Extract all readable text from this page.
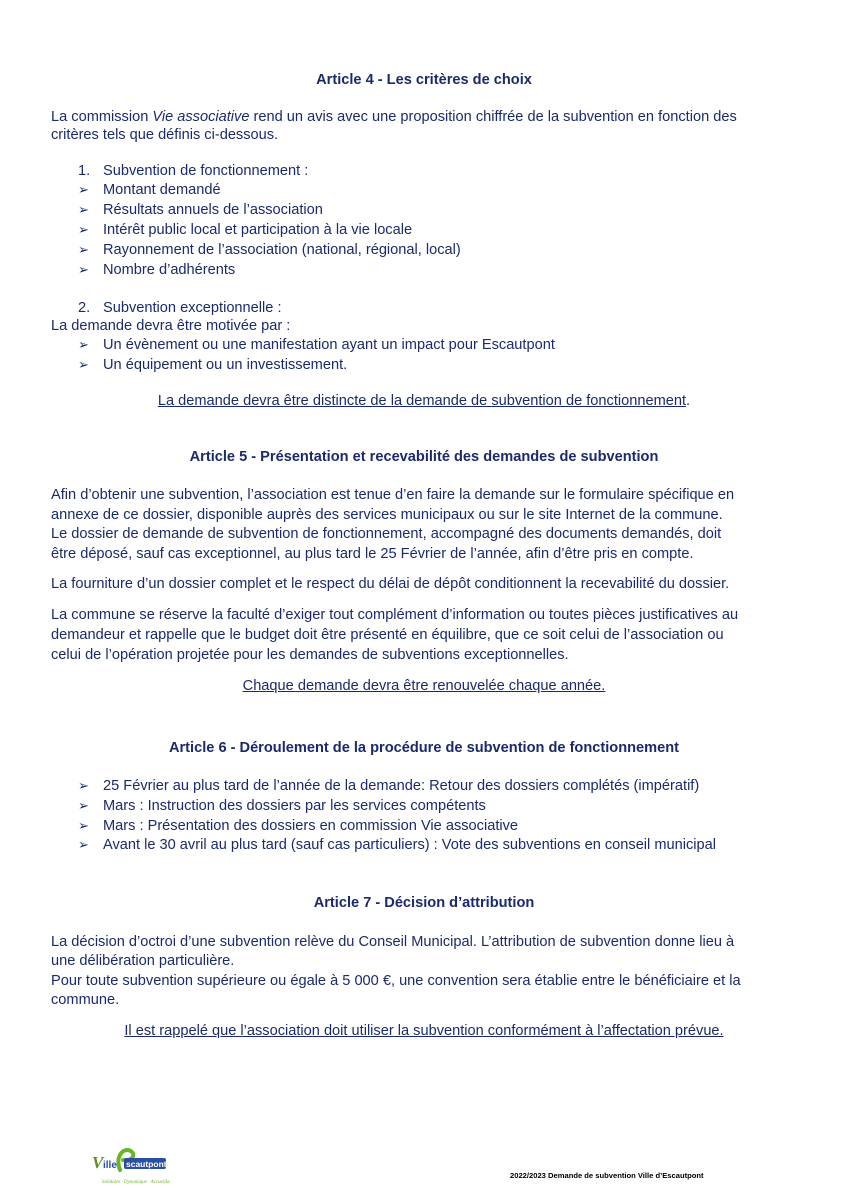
Article 4 - Les critères de choix
La commission Vie associative rend un avis avec une proposition chiffrée de la subvention en fonction des
critères tels que définis ci-dessous.
1. Subvention de fonctionnement :
➢ Montant demandé
➢ Résultats annuels de l’association
➢ Intérêt public local et participation à la vie locale
➢ Rayonnement de l’association (national, régional, local)
➢ Nombre d’adhérents
2. Subvention exceptionnelle :
La demande devra être motivée par :
➢ Un évènement ou une manifestation ayant un impact pour Escautpont
➢ Un équipement ou un investissement.
La demande devra être distincte de la demande de subvention de fonctionnement.
Article 5 - Présentation et recevabilité des demandes de subvention
Afin d’obtenir une subvention, l’association est tenue d’en faire la demande sur le formulaire spécifique en
annexe de ce dossier, disponible auprès des services municipaux ou sur le site Internet de la commune.
Le dossier de demande de subvention de fonctionnement, accompagné des documents demandés, doit
être déposé, sauf cas exceptionnel, au plus tard le 25 Février de l’année, afin d’être pris en compte.
La fourniture d’un dossier complet et le respect du délai de dépôt conditionnent la recevabilité du dossier.
La commune se réserve la faculté d’exiger tout complément d’information ou toutes pièces justificatives au
demandeur et rappelle que le budget doit être présenté en équilibre, que ce soit celui de l’association ou
celui de l’opération projetée pour les demandes de subventions exceptionnelles.
Chaque demande devra être renouvelée chaque année.
Article 6 - Déroulement de la procédure de subvention de fonctionnement
➢ 25 Février au plus tard de l’année de la demande: Retour des dossiers complétés (impératif)
➢ Mars : Instruction des dossiers par les services compétents
➢ Mars : Présentation des dossiers en commission Vie associative
➢ Avant le 30 avril au plus tard (sauf cas particuliers) : Vote des subventions en conseil municipal
Article 7 - Décision d’attribution
La décision d’octroi d’une subvention relève du Conseil Municipal. L’attribution de subvention donne lieu à
une délibération particulière.
Pour toute subvention supérieure ou égale à 5 000 €, une convention sera établie entre le bénéficiaire et la
commune.
Il est rappelé que l’association doit utiliser la subvention conformément à l’affectation prévue.
V ille scautpont
Solidaire · Dynamique · Accueillante
2022/2023 Demande de subvention Ville d’Escautpont
